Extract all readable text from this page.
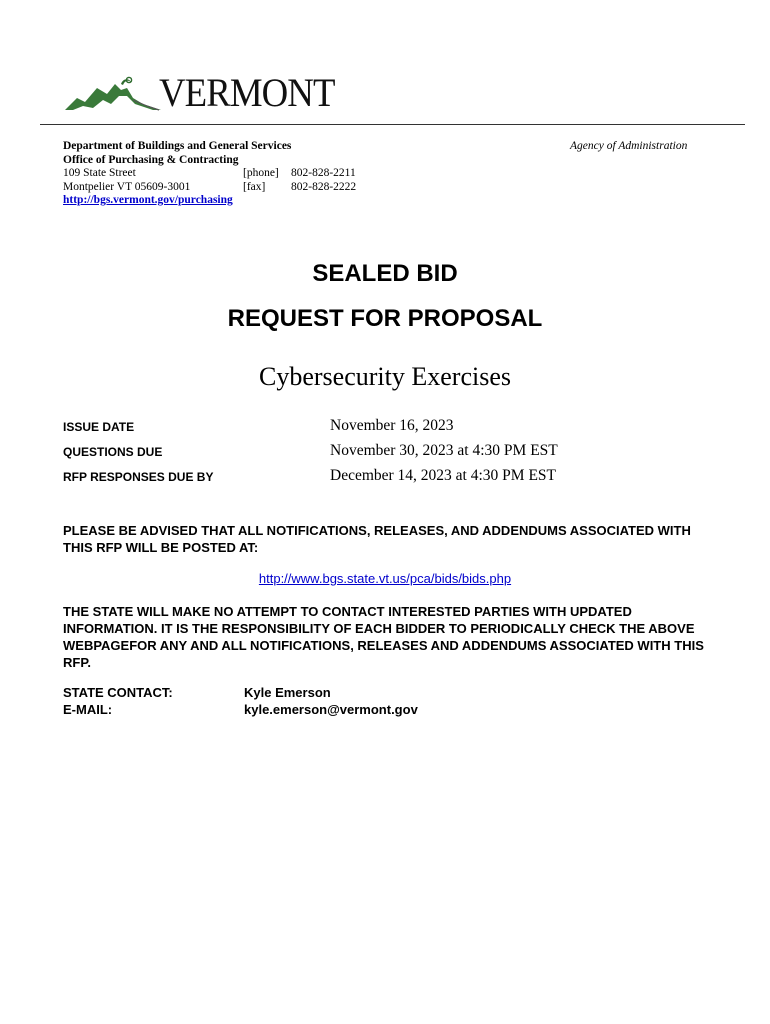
VERMONT
Department of Buildings and General Services
Office of Purchasing & Contracting
109 State Street	[phone]	802-828-2211
Montpelier VT 05609-3001	[fax]	802-828-2222
http://bgs.vermont.gov/purchasing
Agency of Administration
SEALED BID
REQUEST FOR PROPOSAL
Cybersecurity Exercises
ISSUE DATE	November 16, 2023
QUESTIONS DUE	November 30, 2023 at 4:30 PM EST
RFP RESPONSES DUE BY	December 14, 2023 at 4:30 PM EST
PLEASE BE ADVISED THAT ALL NOTIFICATIONS, RELEASES, AND ADDENDUMS ASSOCIATED WITH THIS RFP WILL BE POSTED AT:
http://www.bgs.state.vt.us/pca/bids/bids.php
THE STATE WILL MAKE NO ATTEMPT TO CONTACT INTERESTED PARTIES WITH UPDATED INFORMATION. IT IS THE RESPONSIBILITY OF EACH BIDDER TO PERIODICALLY CHECK THE ABOVE WEBPAGEFOR ANY AND ALL NOTIFICATIONS, RELEASES AND ADDENDUMS ASSOCIATED WITH THIS RFP.
STATE CONTACT:	Kyle Emerson
E-MAIL:	kyle.emerson@vermont.gov
